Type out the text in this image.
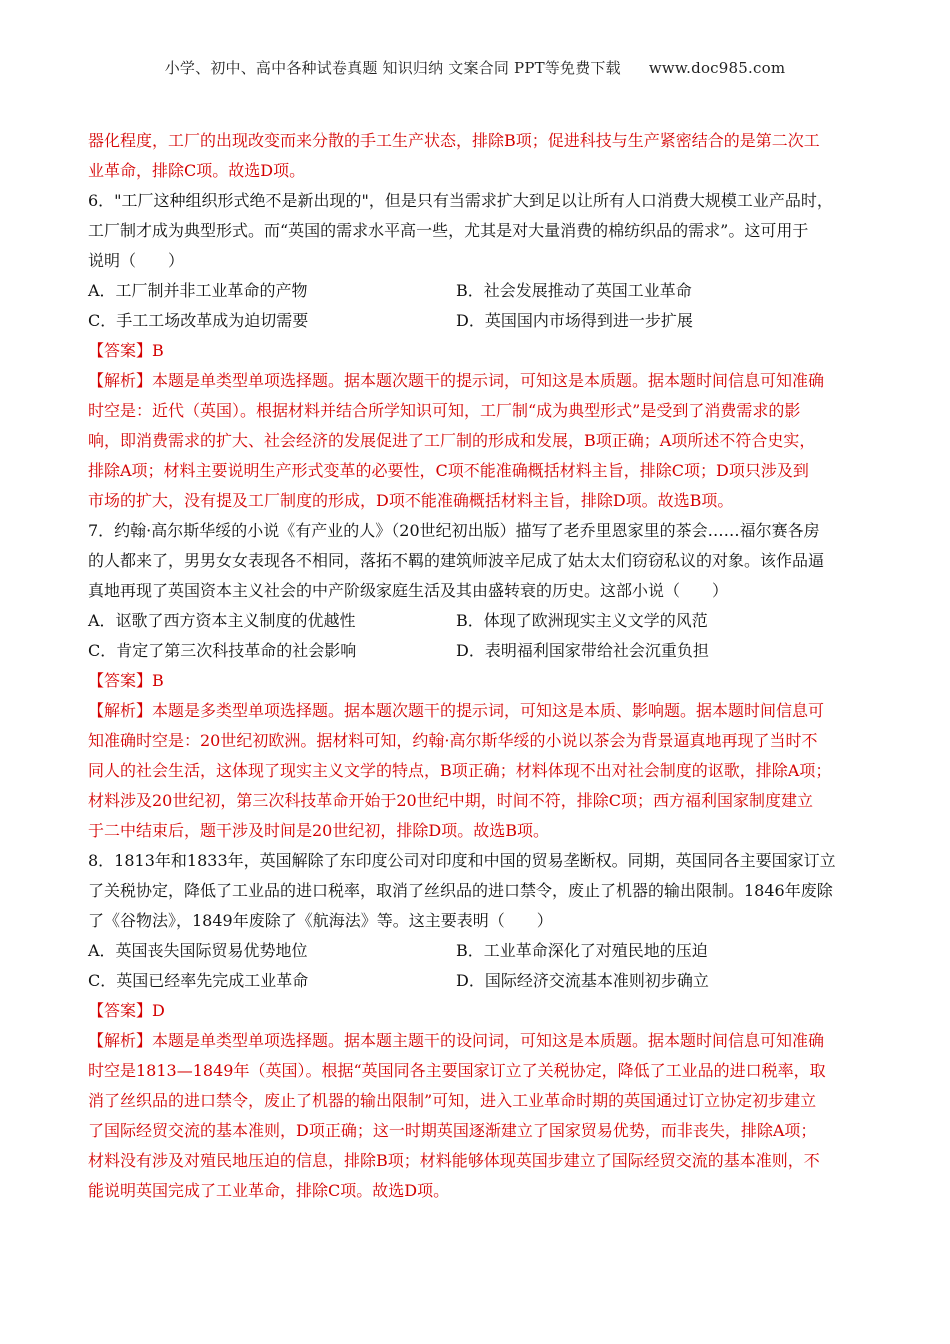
小学、初中、高中各种试卷真题 知识归纳 文案合同 PPT等免费下载 www.doc985.com
器化程度，工厂的出现改变而来分散的手工生产状态，排除B项；促进科技与生产紧密结合的是第二次工
业革命，排除C项。故选D项。
6．"工厂这种组织形式绝不是新出现的"，但是只有当需求扩大到足以让所有人口消费大规模工业产品时，
工厂制才成为典型形式。而“英国的需求水平高一些，尤其是对大量消费的棉纺织品的需求”。这可用于
说明（　　）
A．工厂制并非工业革命的产物	B．社会发展推动了英国工业革命
C．手工工场改革成为迫切需要	D．英国国内市场得到进一步扩展
【答案】B
【解析】本题是单类型单项选择题。据本题次题干的提示词，可知这是本质题。据本题时间信息可知准确
时空是：近代（英国）。根据材料并结合所学知识可知，工厂制“成为典型形式”是受到了消费需求的影
响，即消费需求的扩大、社会经济的发展促进了工厂制的形成和发展，B项正确；A项所述不符合史实，
排除A项；材料主要说明生产形式变革的必要性，C项不能准确概括材料主旨，排除C项；D项只涉及到
市场的扩大，没有提及工厂制度的形成，D项不能准确概括材料主旨，排除D项。故选B项。
7．约翰·高尔斯华绥的小说《有产业的人》（20世纪初出版）描写了老乔里恩家里的茶会……福尔赛各房
的人都来了，男男女女表现各不相同，落拓不羁的建筑师波辛尼成了姑太太们窃窃私议的对象。该作品逼
真地再现了英国资本主义社会的中产阶级家庭生活及其由盛转衰的历史。这部小说（　　）
A．讴歌了西方资本主义制度的优越性	B．体现了欧洲现实主义文学的风范
C．肯定了第三次科技革命的社会影响	D．表明福利国家带给社会沉重负担
【答案】B
【解析】本题是多类型单项选择题。据本题次题干的提示词，可知这是本质、影响题。据本题时间信息可
知准确时空是：20世纪初欧洲。据材料可知，约翰·高尔斯华绥的小说以茶会为背景逼真地再现了当时不
同人的社会生活，这体现了现实主义文学的特点，B项正确；材料体现不出对社会制度的讴歌，排除A项；
材料涉及20世纪初，第三次科技革命开始于20世纪中期，时间不符，排除C项；西方福利国家制度建立
于二中结束后，题干涉及时间是20世纪初，排除D项。故选B项。
8．1813年和1833年，英国解除了东印度公司对印度和中国的贸易垄断权。同期，英国同各主要国家订立
了关税协定，降低了工业品的进口税率，取消了丝织品的进口禁令，废止了机器的输出限制。1846年废除
了《谷物法》，1849年废除了《航海法》等。这主要表明（　　）
A．英国丧失国际贸易优势地位	B．工业革命深化了对殖民地的压迫
C．英国已经率先完成工业革命	D．国际经济交流基本准则初步确立
【答案】D
【解析】本题是单类型单项选择题。据本题主题干的设问词，可知这是本质题。据本题时间信息可知准确
时空是1813—1849年（英国）。根据“英国同各主要国家订立了关税协定，降低了工业品的进口税率，取
消了丝织品的进口禁令，废止了机器的输出限制”可知，进入工业革命时期的英国通过订立协定初步建立
了国际经贸交流的基本准则，D项正确；这一时期英国逐渐建立了国家贸易优势，而非丧失，排除A项；
材料没有涉及对殖民地压迫的信息，排除B项；材料能够体现英国步建立了国际经贸交流的基本准则，不
能说明英国完成了工业革命，排除C项。故选D项。
